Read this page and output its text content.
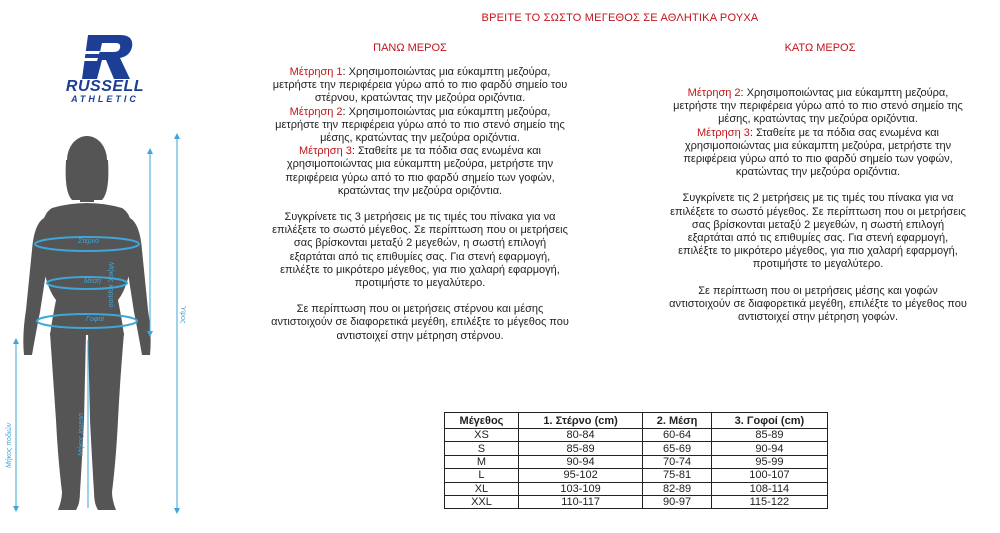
ΒΡΕΙΤΕ ΤΟ ΣΩΣΤΟ ΜΕΓΕΘΟΣ ΣΕ ΑΘΛΗΤΙΚΑ ΡΟΥΧΑ
RUSSELL
ATHLETIC
Στέρνο
Μέση
Γοφοί
Μήκος κορμού
Ύψος
Μήκος ποδιών	Μήκος insean
ΠΑΝΩ ΜΕΡΟΣ

Μέτρηση 1: Χρησιμοποιώντας μια εύκαμπτη μεζούρα, μετρήστε την περιφέρεια γύρω από το πιο φαρδύ σημείο του στέρνου, κρατώντας την μεζούρα οριζόντια.

Μέτρηση 2: Χρησιμοποιώντας μια εύκαμπτη μεζούρα, μετρήστε την περιφέρεια γύρω από το πιο στενό σημείο της μέσης, κρατώντας την μεζούρα οριζόντια.

Μέτρηση 3: Σταθείτε με τα πόδια σας ενωμένα και χρησιμοποιώντας μια εύκαμπτη μεζούρα, μετρήστε την περιφέρεια γύρω από το πιο φαρδύ σημείο των γοφών, κρατώντας την μεζούρα οριζόντια.

Συγκρίνετε τις 3 μετρήσεις με τις τιμές του πίνακα για να επιλέξετε το σωστό μέγεθος. Σε περίπτωση που οι μετρήσεις σας βρίσκονται μεταξύ 2 μεγεθών, η σωστή επιλογή εξαρτάται από τις επιθυμίες σας. Για στενή εφαρμογή, επιλέξτε το μικρότερο μέγεθος, για πιο χαλαρή εφαρμογή, προτιμήστε το μεγαλύτερο.

Σε περίπτωση που οι μετρήσεις στέρνου και μέσης αντιστοιχούν σε διαφορετικά μεγέθη, επιλέξτε το μέγεθος που αντιστοιχεί στην μέτρηση στέρνου.

ΚΑΤΩ ΜΕΡΟΣ

Μέτρηση 2: Χρησιμοποιώντας μια εύκαμπτη μεζούρα, μετρήστε την περιφέρεια γύρω από το πιο στενό σημείο της μέσης, κρατώντας την μεζούρα οριζόντια.

Μέτρηση 3: Σταθείτε με τα πόδια σας ενωμένα και χρησιμοποιώντας μια εύκαμπτη μεζούρα, μετρήστε την περιφέρεια γύρω από το πιο φαρδύ σημείο των γοφών, κρατώντας την μεζούρα οριζόντια.

Συγκρίνετε τις 2 μετρήσεις με τις τιμές του πίνακα για να επιλέξετε το σωστό μέγεθος. Σε περίπτωση που οι μετρήσεις σας βρίσκονται μεταξύ 2 μεγεθών, η σωστή επιλογή εξαρτάται από τις επιθυμίες σας. Για στενή εφαρμογή, επιλέξτε το μικρότερο μέγεθος, για πιο χαλαρή εφαρμογή, προτιμήστε το μεγαλύτερο.

Σε περίπτωση που οι μετρήσεις μέσης και γοφών αντιστοιχούν σε διαφορετικά μεγέθη, επιλέξτε το μέγεθος που αντιστοιχεί στην μέτρηση γοφών.

Μέγεθος	1. Στέρνο (cm)	2. Μέση	3. Γοφοί (cm)
XS	80-84	60-64	85-89
S	85-89	65-69	90-94
M	90-94	70-74	95-99
L	95-102	75-81	100-107
XL	103-109	82-89	108-114
XXL	110-117	90-97	115-122
